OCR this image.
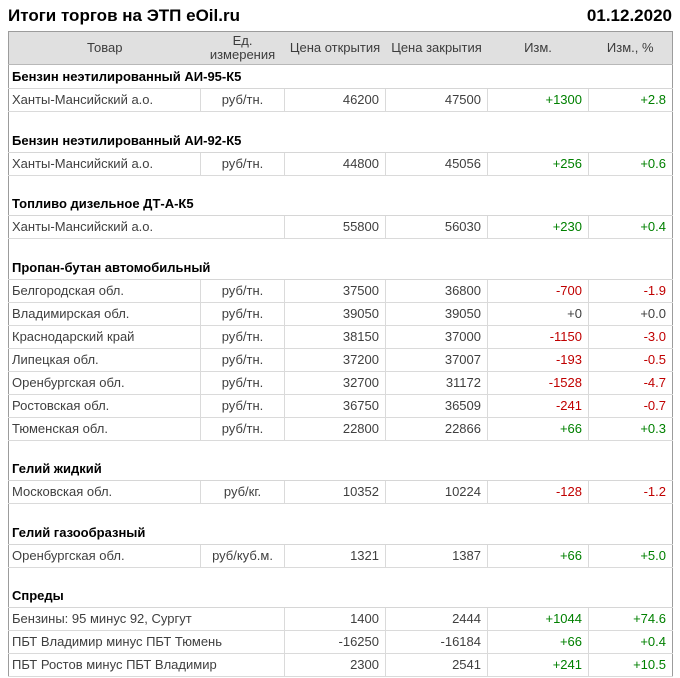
Итоги торгов на ЭТП eOil.ru	01.12.2020
Товар	Ед. измерения	Цена открытия	Цена закрытия	Изм.	Изм., %
Бензин неэтилированный АИ-95-К5					
Ханты-Мансийский а.о.	руб/тн.	46200	47500	+1300	+2.8

Бензин неэтилированный АИ-92-К5					
Ханты-Мансийский а.о.	руб/тн.	44800	45056	+256	+0.6

Топливо дизельное ДТ-А-К5					
Ханты-Мансийский а.о.		55800	56030	+230	+0.4

Пропан-бутан автомобильный					
Белгородская обл.	руб/тн.	37500	36800	-700	-1.9
Владимирская обл.	руб/тн.	39050	39050	+0	+0.0
Краснодарский край	руб/тн.	38150	37000	-1150	-3.0
Липецкая обл.	руб/тн.	37200	37007	-193	-0.5
Оренбургская обл.	руб/тн.	32700	31172	-1528	-4.7
Ростовская обл.	руб/тн.	36750	36509	-241	-0.7
Тюменская обл.	руб/тн.	22800	22866	+66	+0.3

Гелий жидкий					
Московская обл.	руб/кг.	10352	10224	-128	-1.2

Гелий газообразный					
Оренбургская обл.	руб/куб.м.	1321	1387	+66	+5.0

Спреды					
Бензины: 95 минус 92, Сургут		1400	2444	+1044	+74.6
ПБТ Владимир минус ПБТ Тюмень		-16250	-16184	+66	+0.4
ПБТ Ростов минус ПБТ Владимир		2300	2541	+241	+10.5
